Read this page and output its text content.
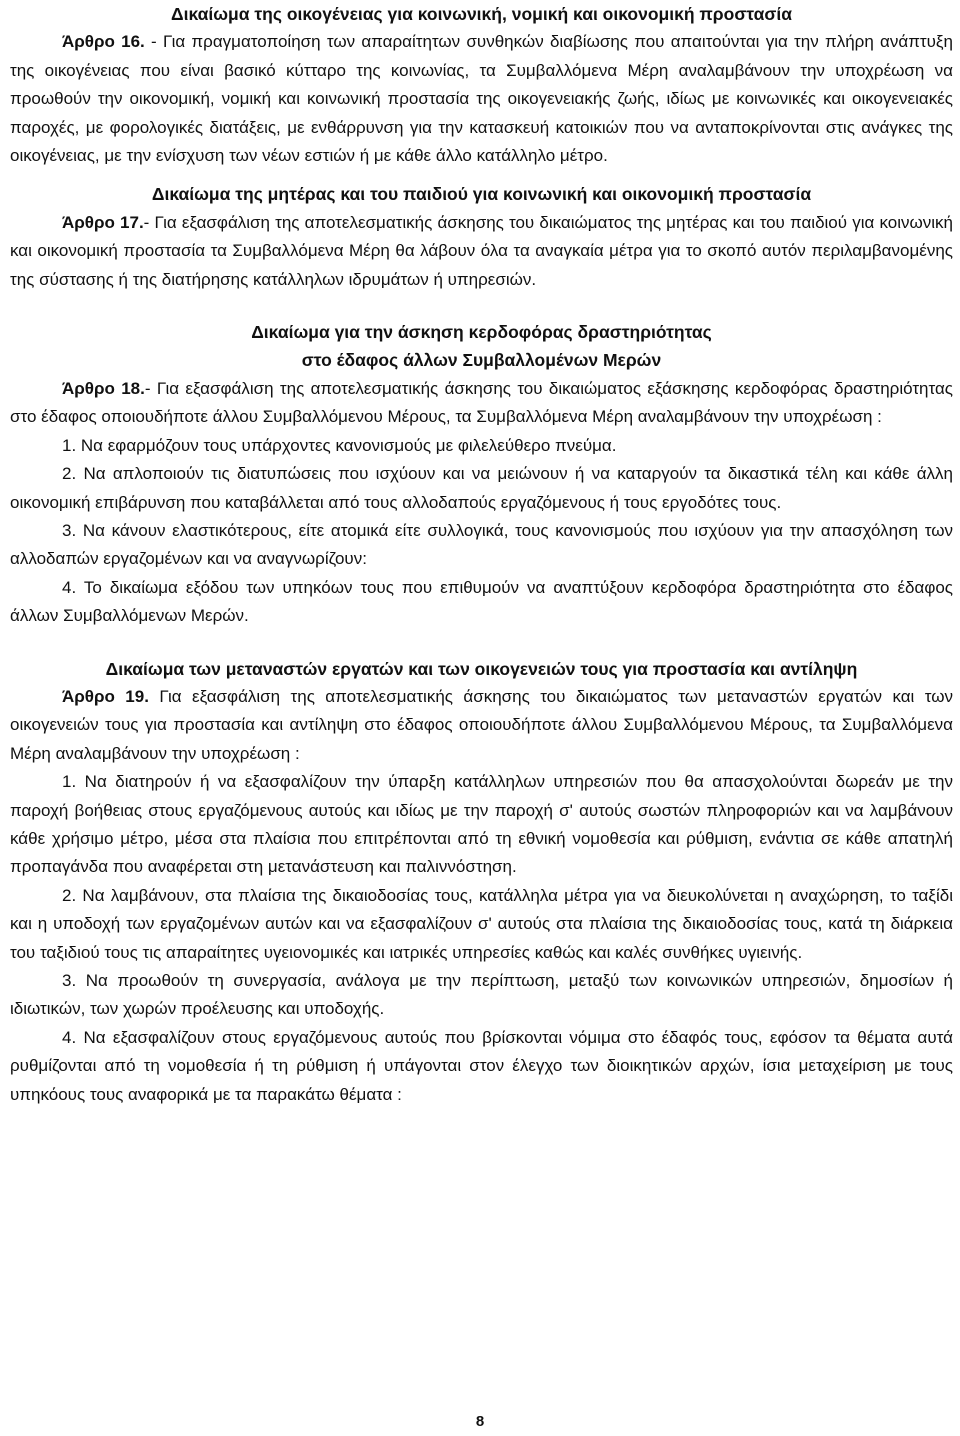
Δικαίωμα της οικογένειας για κοινωνική, νομική και οικονομική προστασία

Άρθρο 16. - Για πραγματοποίηση των απαραίτητων συνθηκών διαβίωσης που απαιτούνται για την πλήρη ανάπτυξη της οικογένειας που είναι βασικό κύτταρο της κοινωνίας, τα Συμβαλλόμενα Μέρη αναλαμβάνουν την υποχρέωση να προωθούν την οικονομική, νομική και κοινωνική προστασία της οικογενειακής ζωής, ιδίως με κοινωνικές και οικογενειακές παροχές, με φορολογικές διατάξεις, με ενθάρρυνση για την κατασκευή κατοικιών που να ανταποκρίνονται στις ανάγκες της οικογένειας, με την ενίσχυση των νέων εστιών ή με κάθε άλλο κατάλληλο μέτρο.

Δικαίωμα της μητέρας και του παιδιού για κοινωνική και οικονομική προστασία

Άρθρο 17.- Για εξασφάλιση της αποτελεσματικής άσκησης του δικαιώματος της μητέρας και του παιδιού για κοινωνική και οικονομική προστασία τα Συμβαλλόμενα Μέρη θα λάβουν όλα τα αναγκαία μέτρα για το σκοπό αυτόν περιλαμβανομένης της σύστασης ή της διατήρησης κατάλληλων ιδρυμάτων ή υπηρεσιών.

Δικαίωμα για την άσκηση κερδοφόρας δραστηριότητας
στο έδαφος άλλων Συμβαλλομένων Μερών

Άρθρο 18.- Για εξασφάλιση της αποτελεσματικής άσκησης του δικαιώματος εξάσκησης κερδοφόρας δραστηριότητας στο έδαφος οποιουδήποτε άλλου Συμβαλλόμενου Μέρους, τα Συμβαλλόμενα Μέρη αναλαμβάνουν την υποχρέωση :

1. Να εφαρμόζουν τους υπάρχοντες κανονισμούς με φιλελεύθερο πνεύμα.

2. Να απλοποιούν τις διατυπώσεις που ισχύουν και να μειώνουν ή να καταργούν τα δικαστικά τέλη και κάθε άλλη οικονομική επιβάρυνση που καταβάλλεται από τους αλλοδαπούς εργαζόμενους ή τους εργοδότες τους.

3. Να κάνουν ελαστικότερους, είτε ατομικά είτε συλλογικά, τους κανονισμούς που ισχύουν για την απασχόληση των αλλοδαπών εργαζομένων και να αναγνωρίζουν:

4. Το δικαίωμα εξόδου των υπηκόων τους που επιθυμούν να αναπτύξουν κερδοφόρα δραστηριότητα στο έδαφος άλλων Συμβαλλόμενων Μερών.

Δικαίωμα των μεταναστών εργατών και των οικογενειών τους για προστασία και αντίληψη

Άρθρο 19. Για εξασφάλιση της αποτελεσματικής άσκησης του δικαιώματος των μεταναστών εργατών και των οικογενειών τους για προστασία και αντίληψη στο έδαφος οποιουδήποτε άλλου Συμβαλλόμενου Μέρους, τα Συμβαλλόμενα Μέρη αναλαμβάνουν την υποχρέωση :

1. Να διατηρούν ή να εξασφαλίζουν την ύπαρξη κατάλληλων υπηρεσιών που θα απασχολούνται δωρεάν με την παροχή βοήθειας στους εργαζόμενους αυτούς και ιδίως με την παροχή σ' αυτούς σωστών πληροφοριών και να λαμβάνουν κάθε χρήσιμο μέτρο, μέσα στα πλαίσια που επιτρέπονται από τη εθνική νομοθεσία και ρύθμιση, ενάντια σε κάθε απατηλή προπαγάνδα που αναφέρεται στη μετανάστευση και παλιννόστηση.

2. Να λαμβάνουν, στα πλαίσια της δικαιοδοσίας τους, κατάλληλα μέτρα για να διευκολύνεται η αναχώρηση, το ταξίδι και η υποδοχή των εργαζομένων αυτών και να εξασφαλίζουν σ' αυτούς στα πλαίσια της δικαιοδοσίας τους, κατά τη διάρκεια του ταξιδιού τους τις απαραίτητες υγειονομικές και ιατρικές υπηρεσίες καθώς και καλές συνθήκες υγιεινής.

3. Να προωθούν τη συνεργασία, ανάλογα με την περίπτωση, μεταξύ των κοινωνικών υπηρεσιών, δημοσίων ή ιδιωτικών, των χωρών προέλευσης και υποδοχής.

4. Να εξασφαλίζουν στους εργαζόμενους αυτούς που βρίσκονται νόμιμα στο έδαφός τους, εφόσον τα θέματα αυτά ρυθμίζονται από τη νομοθεσία ή τη ρύθμιση ή υπάγονται στον έλεγχο των διοικητικών αρχών, ίσια μεταχείριση με τους υπηκόους τους αναφορικά με τα παρακάτω θέματα :

8
